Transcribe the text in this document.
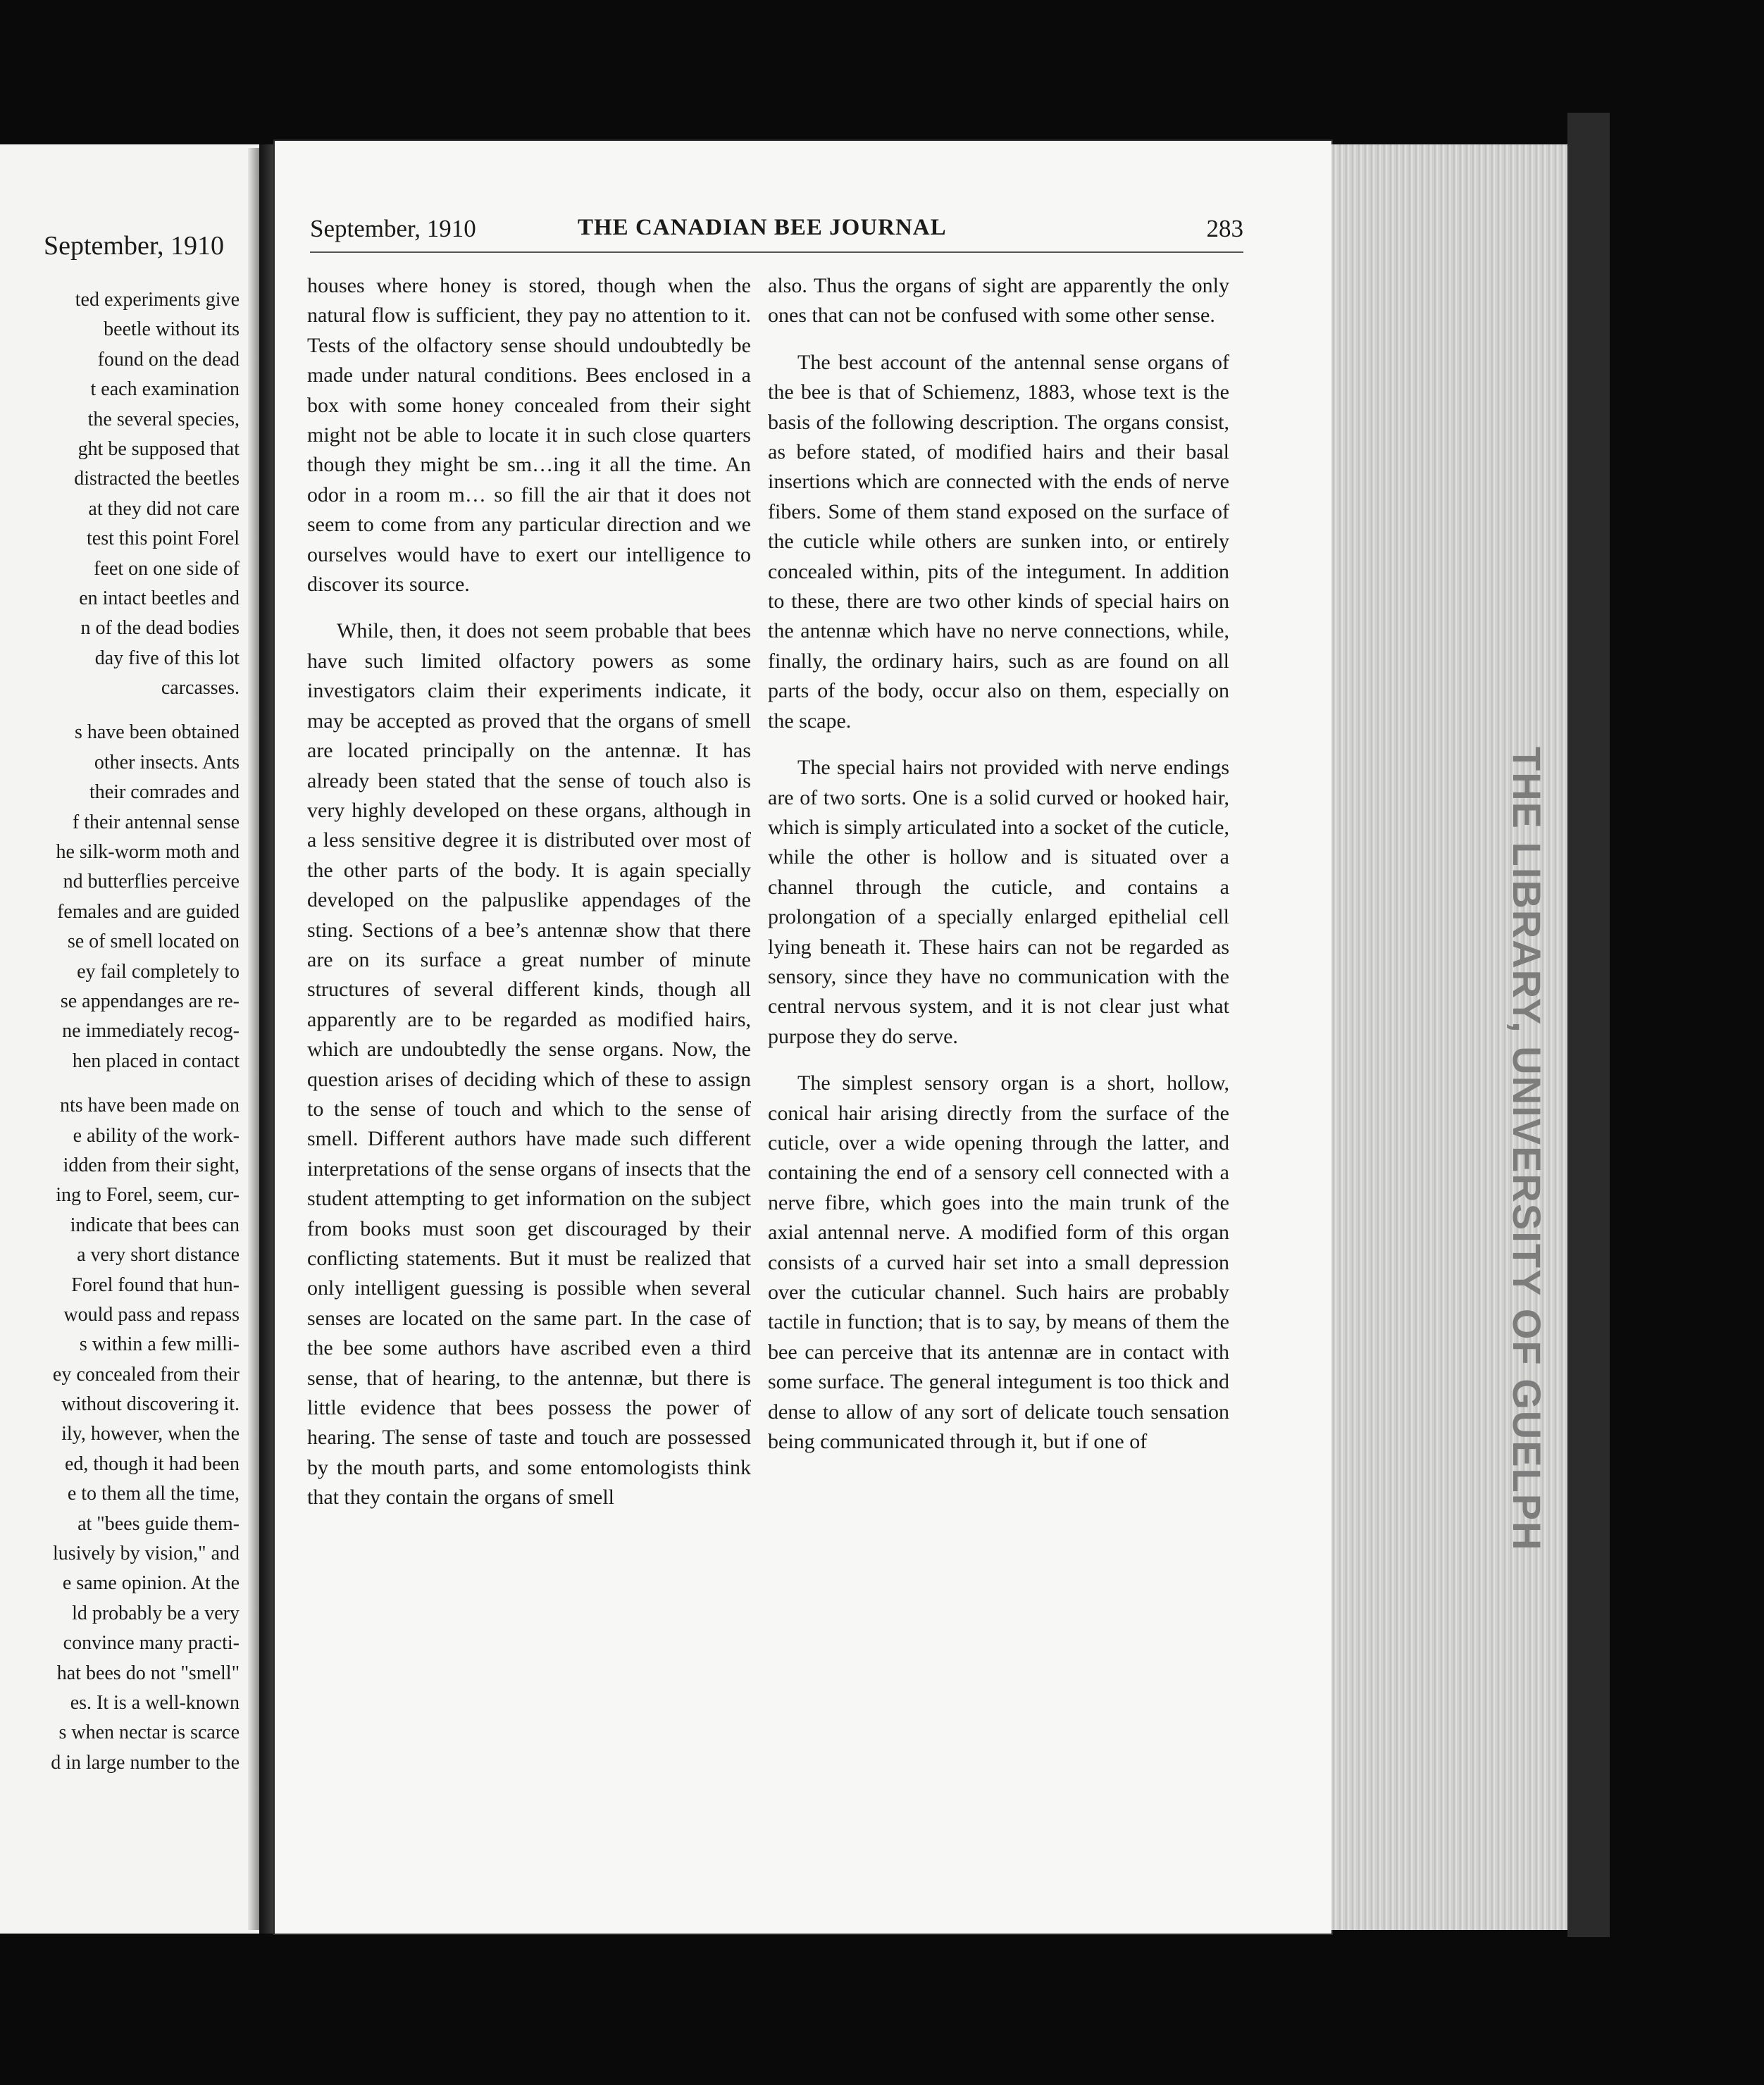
September, 1910
ted experiments give
beetle without its
found on the dead
t each examination
the several species,
ght be supposed that
distracted the beetles
at they did not care
test this point Forel
feet on one side of
en intact beetles and
n of the dead bodies
day five of this lot
carcasses.
s have been obtained
other insects. Ants
their comrades and
f their antennal sense
he silk-worm moth and
nd butterflies perceive
females and are guided
se of smell located on
ey fail completely to
se appendanges are re-
ne immediately recog-
hen placed in contact
nts have been made on
e ability of the work-
idden from their sight,
ing to Forel, seem, cur-
indicate that bees can
a very short distance
Forel found that hun-
would pass and repass
s within a few milli-
ey concealed from their
without discovering it.
ily, however, when the
ed, though it had been
e to them all the time,
at "bees guide them-
lusively by vision," and
e same opinion. At the
ld probably be a very
convince many practi-
hat bees do not "smell"
es. It is a well-known
s when nectar is scarce
d in large number to the
THE LIBRARY, UNIVERSITY OF GUELPH
September, 1910	THE CANADIAN BEE JOURNAL	283

houses where honey is stored, though when the natural flow is sufficient, they pay no attention to it. Tests of the olfactory sense should undoubtedly be made under natural conditions. Bees enclosed in a box with some honey concealed from their sight might not be able to locate it in such close quarters though they might be sm…ing it all the time. An odor in a room m… so fill the air that it does not seem to come from any particular direction and we ourselves would have to exert our intelligence to discover its source.

While, then, it does not seem probable that bees have such limited olfactory powers as some investigators claim their experiments indicate, it may be accepted as proved that the organs of smell are located principally on the antennæ. It has already been stated that the sense of touch also is very highly developed on these organs, although in a less sensitive degree it is distributed over most of the other parts of the body. It is again specially developed on the palpuslike appendages of the sting. Sections of a bee’s antennæ show that there are on its surface a great number of minute structures of several different kinds, though all apparently are to be regarded as modified hairs, which are undoubtedly the sense organs. Now, the question arises of deciding which of these to assign to the sense of touch and which to the sense of smell. Different authors have made such different interpretations of the sense organs of insects that the student attempting to get information on the subject from books must soon get discouraged by their conflicting statements. But it must be realized that only intelligent guessing is possible when several senses are located on the same part. In the case of the bee some authors have ascribed even a third sense, that of hearing, to the antennæ, but there is little evidence that bees possess the power of hearing. The sense of taste and touch are possessed by the mouth parts, and some entomologists think that they contain the organs of smell

also. Thus the organs of sight are apparently the only ones that can not be confused with some other sense.

The best account of the antennal sense organs of the bee is that of Schiemenz, 1883, whose text is the basis of the following description. The organs consist, as before stated, of modified hairs and their basal insertions which are connected with the ends of nerve fibers. Some of them stand exposed on the surface of the cuticle while others are sunken into, or entirely concealed within, pits of the integument. In addition to these, there are two other kinds of special hairs on the antennæ which have no nerve connections, while, finally, the ordinary hairs, such as are found on all parts of the body, occur also on them, especially on the scape.

The special hairs not provided with nerve endings are of two sorts. One is a solid curved or hooked hair, which is simply articulated into a socket of the cuticle, while the other is hollow and is situated over a channel through the cuticle, and contains a prolongation of a specially enlarged epithelial cell lying beneath it. These hairs can not be regarded as sensory, since they have no communication with the central nervous system, and it is not clear just what purpose they do serve.

The simplest sensory organ is a short, hollow, conical hair arising directly from the surface of the cuticle, over a wide opening through the latter, and containing the end of a sensory cell connected with a nerve fibre, which goes into the main trunk of the axial antennal nerve. A modified form of this organ consists of a curved hair set into a small depression over the cuticular channel. Such hairs are probably tactile in function; that is to say, by means of them the bee can perceive that its antennæ are in contact with some surface. The general integument is too thick and dense to allow of any sort of delicate touch sensation being communicated through it, but if one of
